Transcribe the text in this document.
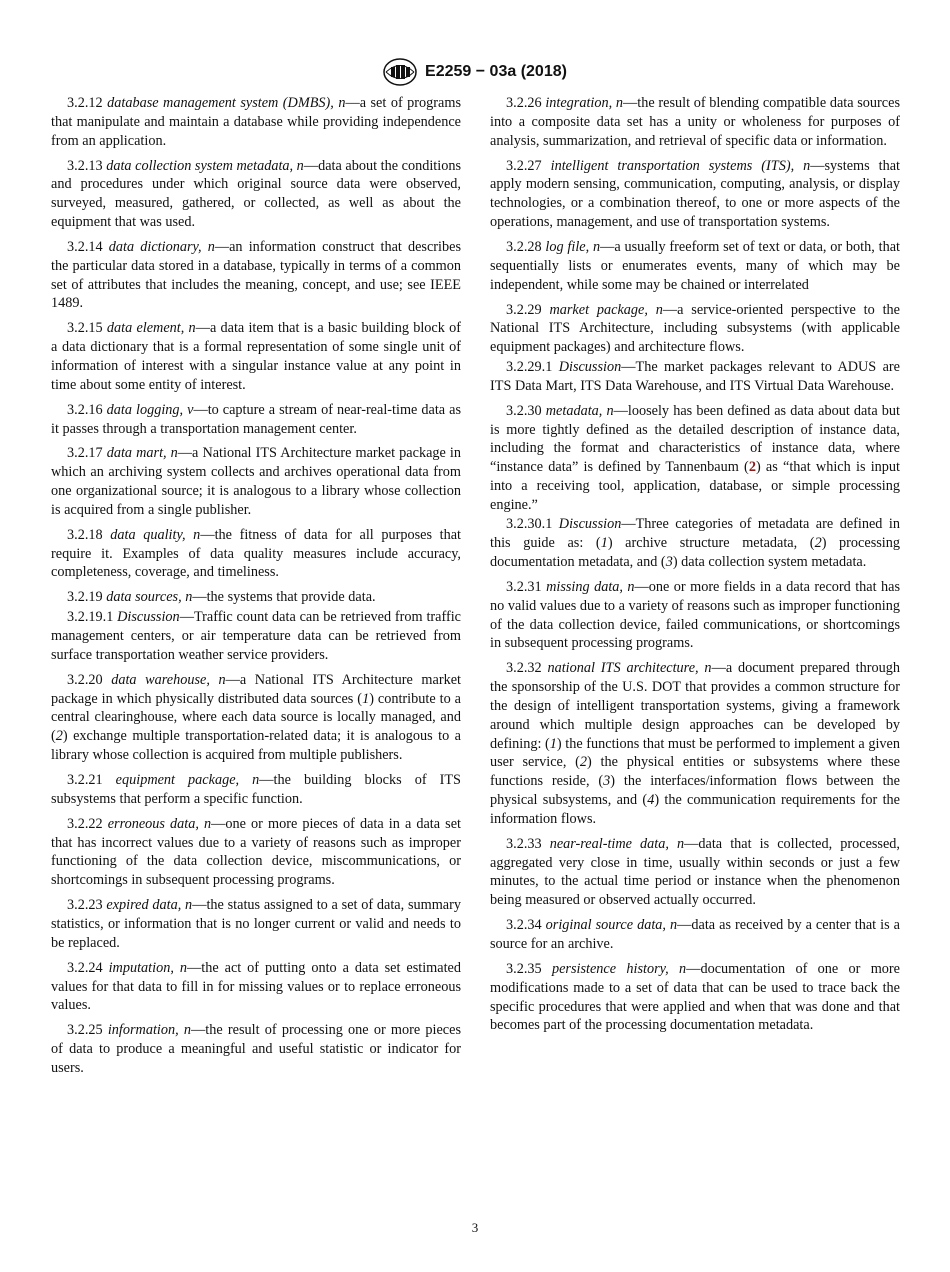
E2259 − 03a (2018)

3.2.12 database management system (DMBS), n—a set of programs that manipulate and maintain a database while providing independence from an application.

3.2.13 data collection system metadata, n—data about the conditions and procedures under which original source data were observed, surveyed, measured, gathered, or collected, as well as about the equipment that was used.

3.2.14 data dictionary, n—an information construct that describes the particular data stored in a database, typically in terms of a common set of attributes that includes the meaning, concept, and use; see IEEE 1489.

3.2.15 data element, n—a data item that is a basic building block of a data dictionary that is a formal representation of some single unit of information of interest with a singular instance value at any point in time about some entity of interest.

3.2.16 data logging, v—to capture a stream of near-real-time data as it passes through a transportation management center.

3.2.17 data mart, n—a National ITS Architecture market package in which an archiving system collects and archives operational data from one organizational source; it is analogous to a library whose collection is acquired from a single publisher.

3.2.18 data quality, n—the fitness of data for all purposes that require it. Examples of data quality measures include accuracy, completeness, coverage, and timeliness.

3.2.19 data sources, n—the systems that provide data.

3.2.19.1 Discussion—Traffic count data can be retrieved from traffic management centers, or air temperature data can be retrieved from surface transportation weather service providers.

3.2.20 data warehouse, n—a National ITS Architecture market package in which physically distributed data sources (1) contribute to a central clearinghouse, where each data source is locally managed, and (2) exchange multiple transportation-related data; it is analogous to a library whose collection is acquired from multiple publishers.

3.2.21 equipment package, n—the building blocks of ITS subsystems that perform a specific function.

3.2.22 erroneous data, n—one or more pieces of data in a data set that has incorrect values due to a variety of reasons such as improper functioning of the data collection device, miscommunications, or shortcomings in subsequent processing programs.

3.2.23 expired data, n—the status assigned to a set of data, summary statistics, or information that is no longer current or valid and needs to be replaced.

3.2.24 imputation, n—the act of putting onto a data set estimated values for that data to fill in for missing values or to replace erroneous values.

3.2.25 information, n—the result of processing one or more pieces of data to produce a meaningful and useful statistic or indicator for users.

3.2.26 integration, n—the result of blending compatible data sources into a composite data set has a unity or wholeness for purposes of analysis, summarization, and retrieval of specific data or information.

3.2.27 intelligent transportation systems (ITS), n—systems that apply modern sensing, communication, computing, analysis, or display technologies, or a combination thereof, to one or more aspects of the operations, management, and use of transportation systems.

3.2.28 log file, n—a usually freeform set of text or data, or both, that sequentially lists or enumerates events, many of which may be independent, while some may be chained or interrelated

3.2.29 market package, n—a service-oriented perspective to the National ITS Architecture, including subsystems (with applicable equipment packages) and architecture flows.

3.2.29.1 Discussion—The market packages relevant to ADUS are ITS Data Mart, ITS Data Warehouse, and ITS Virtual Data Warehouse.

3.2.30 metadata, n—loosely has been defined as data about data but is more tightly defined as the detailed description of instance data, including the format and characteristics of instance data, where “instance data” is defined by Tannenbaum (2) as “that which is input into a receiving tool, application, database, or simple processing engine.”

3.2.30.1 Discussion—Three categories of metadata are defined in this guide as: (1) archive structure metadata, (2) processing documentation metadata, and (3) data collection system metadata.

3.2.31 missing data, n—one or more fields in a data record that has no valid values due to a variety of reasons such as improper functioning of the data collection device, failed communications, or shortcomings in subsequent processing programs.

3.2.32 national ITS architecture, n—a document prepared through the sponsorship of the U.S. DOT that provides a common structure for the design of intelligent transportation systems, giving a framework around which multiple design approaches can be developed by defining: (1) the functions that must be performed to implement a given user service, (2) the physical entities or subsystems where these functions reside, (3) the interfaces/information flows between the physical subsystems, and (4) the communication requirements for the information flows.

3.2.33 near-real-time data, n—data that is collected, processed, aggregated very close in time, usually within seconds or just a few minutes, to the actual time period or instance when the phenomenon being measured or observed actually occurred.

3.2.34 original source data, n—data as received by a center that is a source for an archive.

3.2.35 persistence history, n—documentation of one or more modifications made to a set of data that can be used to trace back the specific procedures that were applied and when that was done and that becomes part of the processing documentation metadata.

3
